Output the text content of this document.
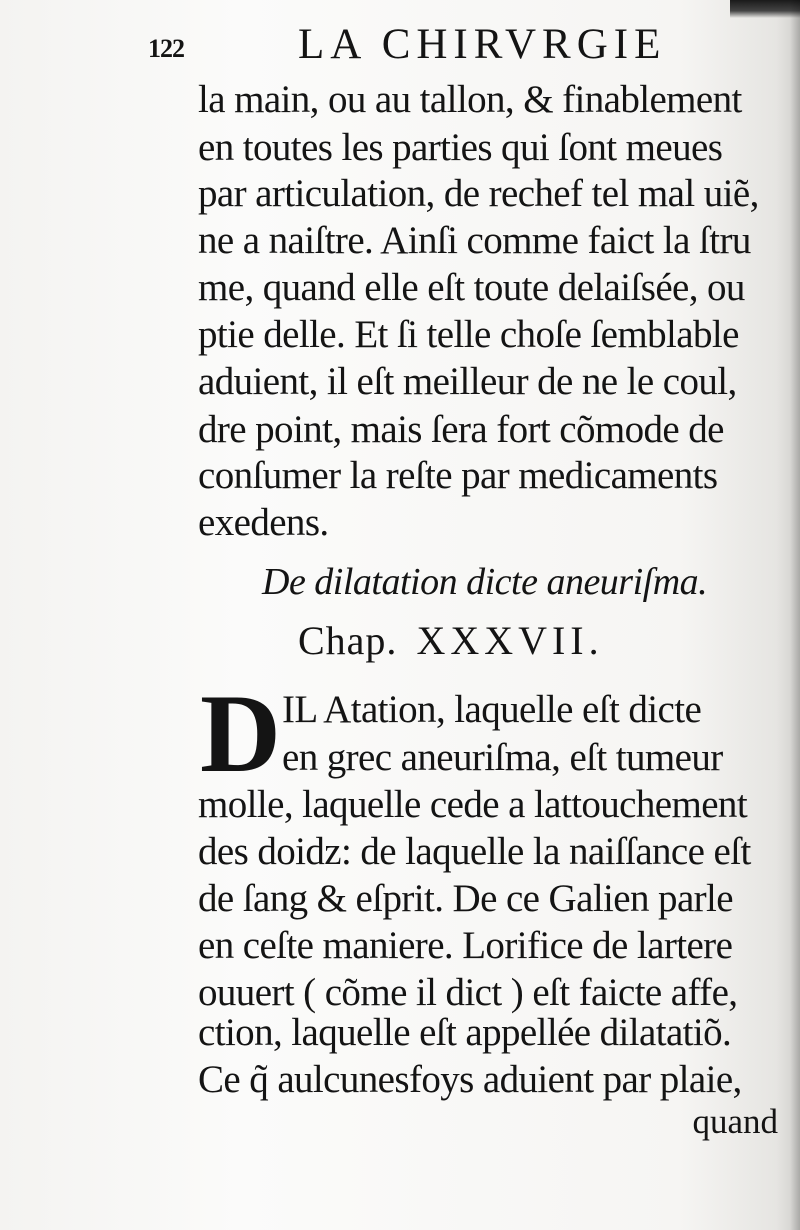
122	LA CHIRVRGIE
la main, ou au tallon, & finablement
en toutes les parties qui ſont meues
par articulation, de rechef tel mal uiẽ,
ne a naiſtre. Ainſi comme faict la ſtru
me, quand elle eſt toute delaiſsée, ou
ptie delle. Et ſi telle choſe ſemblable
aduient, il eſt meilleur de ne le coul,
dre point, mais ſera fort cõmode de
conſumer la reſte par medicaments
exedens.
De dilatation dicte aneuriſma.
Chap. XXXVII.
D IL Atation, laquelle eſt dicte
en grec aneuriſma, eſt tumeur
molle, laquelle cede a lattouchement
des doidz: de laquelle la naiſſance eſt
de ſang & eſprit. De ce Galien parle
en ceſte maniere. Lorifice de lartere
ouuert ( cõme il dict ) eſt faicte affe,
ction, laquelle eſt appellée dilatatiõ.
Ce q̃ aulcunesfoys aduient par plaie,
quand
